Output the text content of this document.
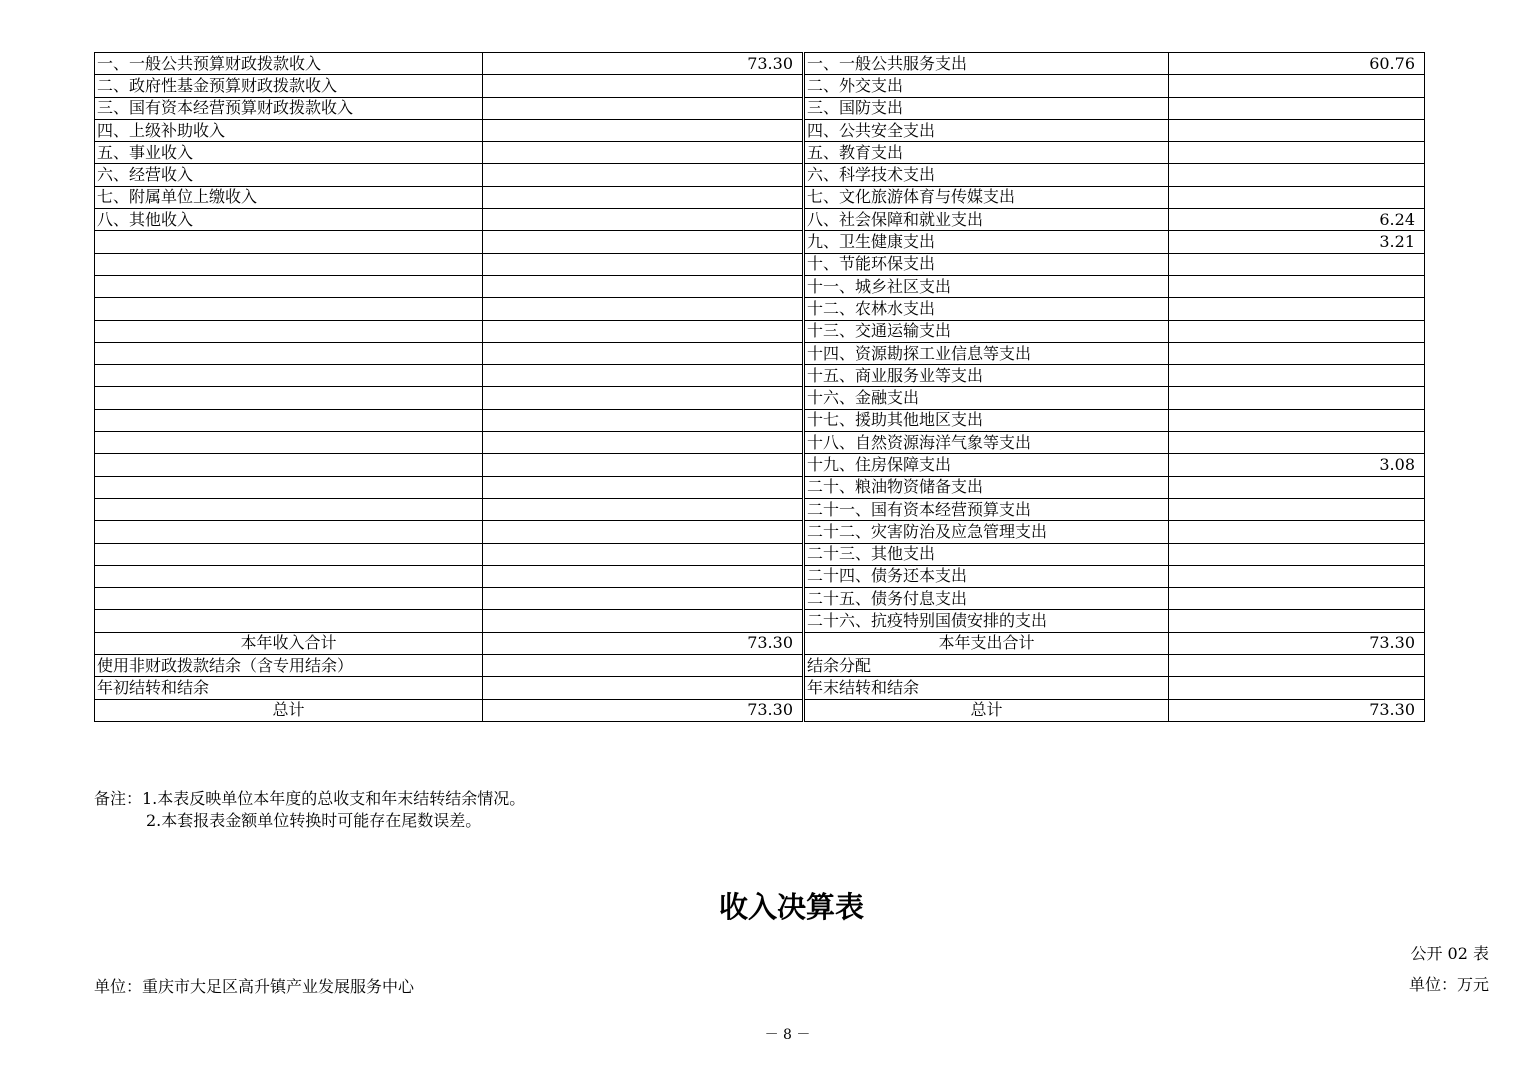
一、一般公共预算财政拨款收入	73.30	一、一般公共服务支出	60.76
二、政府性基金预算财政拨款收入		二、外交支出	
三、国有资本经营预算财政拨款收入		三、国防支出	
四、上级补助收入		四、公共安全支出	
五、事业收入		五、教育支出	
六、经营收入		六、科学技术支出	
七、附属单位上缴收入		七、文化旅游体育与传媒支出	
八、其他收入		八、社会保障和就业支出	6.24
		九、卫生健康支出	3.21
		十、节能环保支出	
		十一、城乡社区支出	
		十二、农林水支出	
		十三、交通运输支出	
		十四、资源勘探工业信息等支出	
		十五、商业服务业等支出	
		十六、金融支出	
		十七、援助其他地区支出	
		十八、自然资源海洋气象等支出	
		十九、住房保障支出	3.08
		二十、粮油物资储备支出	
		二十一、国有资本经营预算支出	
		二十二、灾害防治及应急管理支出	
		二十三、其他支出	
		二十四、债务还本支出	
		二十五、债务付息支出	
		二十六、抗疫特别国债安排的支出	
本年收入合计	73.30	本年支出合计	73.30
使用非财政拨款结余（含专用结余）		结余分配	
年初结转和结余		年末结转和结余	
总计	73.30	总计	73.30
备注：1.本表反映单位本年度的总收支和年末结转结余情况。
2.本套报表金额单位转换时可能存在尾数误差。
收入决算表
公开 02 表
单位：重庆市大足区高升镇产业发展服务中心	单位：万元
－ 8 －
